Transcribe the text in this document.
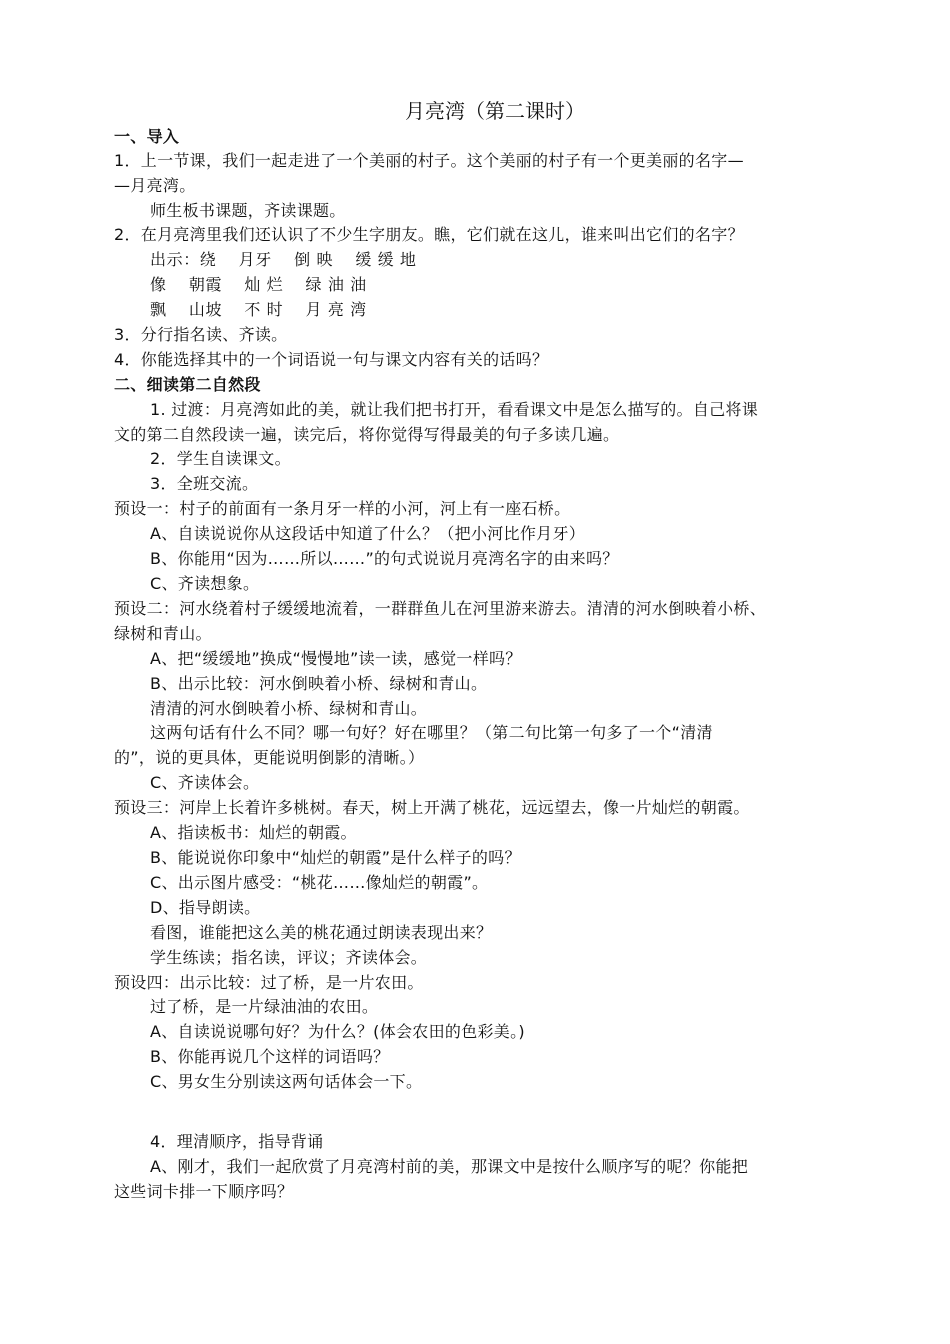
月亮湾（第二课时）
一、导入
1．上一节课，我们一起走进了一个美丽的村子。这个美丽的村子有一个更美丽的名字—
—月亮湾。
师生板书课题，齐读课题。
2．在月亮湾里我们还认识了不少生字朋友。瞧，它们就在这儿，谁来叫出它们的名字？
出示：绕　 月牙　 倒 映　 缓 缓 地
像　 朝霞　 灿 烂　 绿 油 油
飘　 山坡　 不 时　 月 亮 湾
3．分行指名读、齐读。
4．你能选择其中的一个词语说一句与课文内容有关的话吗？
二、细读第二自然段
1. 过渡：月亮湾如此的美，就让我们把书打开，看看课文中是怎么描写的。自己将课
文的第二自然段读一遍，读完后，将你觉得写得最美的句子多读几遍。
2．学生自读课文。
3．全班交流。
预设一：村子的前面有一条月牙一样的小河，河上有一座石桥。
A、自读说说你从这段话中知道了什么？（把小河比作月牙）
B、你能用“因为……所以……”的句式说说月亮湾名字的由来吗？
C、齐读想象。
预设二：河水绕着村子缓缓地流着，一群群鱼儿在河里游来游去。清清的河水倒映着小桥、
绿树和青山。
A、把“缓缓地”换成“慢慢地”读一读，感觉一样吗？
B、出示比较：河水倒映着小桥、绿树和青山。
清清的河水倒映着小桥、绿树和青山。
这两句话有什么不同？哪一句好？好在哪里？（第二句比第一句多了一个“清清
的”，说的更具体，更能说明倒影的清晰。）
C、齐读体会。
预设三：河岸上长着许多桃树。春天，树上开满了桃花，远远望去，像一片灿烂的朝霞。
A、指读板书：灿烂的朝霞。
B、能说说你印象中“灿烂的朝霞”是什么样子的吗？
C、出示图片感受：“桃花……像灿烂的朝霞”。
D、指导朗读。
看图，谁能把这么美的桃花通过朗读表现出来？
学生练读；指名读，评议；齐读体会。
预设四：出示比较：过了桥，是一片农田。
过了桥，是一片绿油油的农田。
A、自读说说哪句好？为什么？(体会农田的色彩美。)
B、你能再说几个这样的词语吗？
C、男女生分别读这两句话体会一下。
4．理清顺序，指导背诵
A、刚才，我们一起欣赏了月亮湾村前的美，那课文中是按什么顺序写的呢？你能把
这些词卡排一下顺序吗？
